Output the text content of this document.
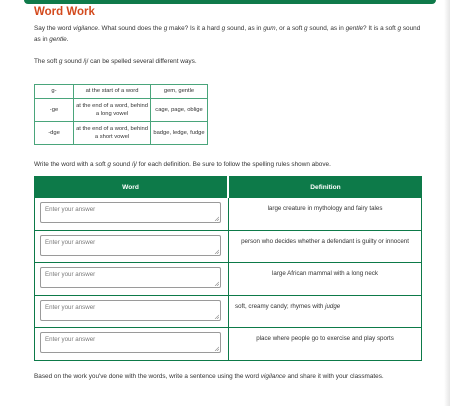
Word Work

Say the word vigilance. What sound does the g make? Is it a hard g sound, as in gum, or a soft g sound, as in gentle? It is a soft g sound as in gentle.

The soft g sound /j/ can be spelled several different ways.

g-	at the start of a word	gem, gentle
-ge	at the end of a word, behind a long vowel	cage, page, oblige
-dge	at the end of a word, behind a short vowel	badge, ledge, fudge

Write the word with a soft g sound /j/ for each definition. Be sure to follow the spelling rules shown above.

Word	Definition
Enter your answer
large creature in mythology and fairy tales
Enter your answer
person who decides whether a defendant is guilty or innocent
Enter your answer
large African mammal with a long neck
Enter your answer
soft, creamy candy; rhymes with judge
Enter your answer
place where people go to exercise and play sports

Based on the work you've done with the words, write a sentence using the word vigilance and share it with your classmates.
